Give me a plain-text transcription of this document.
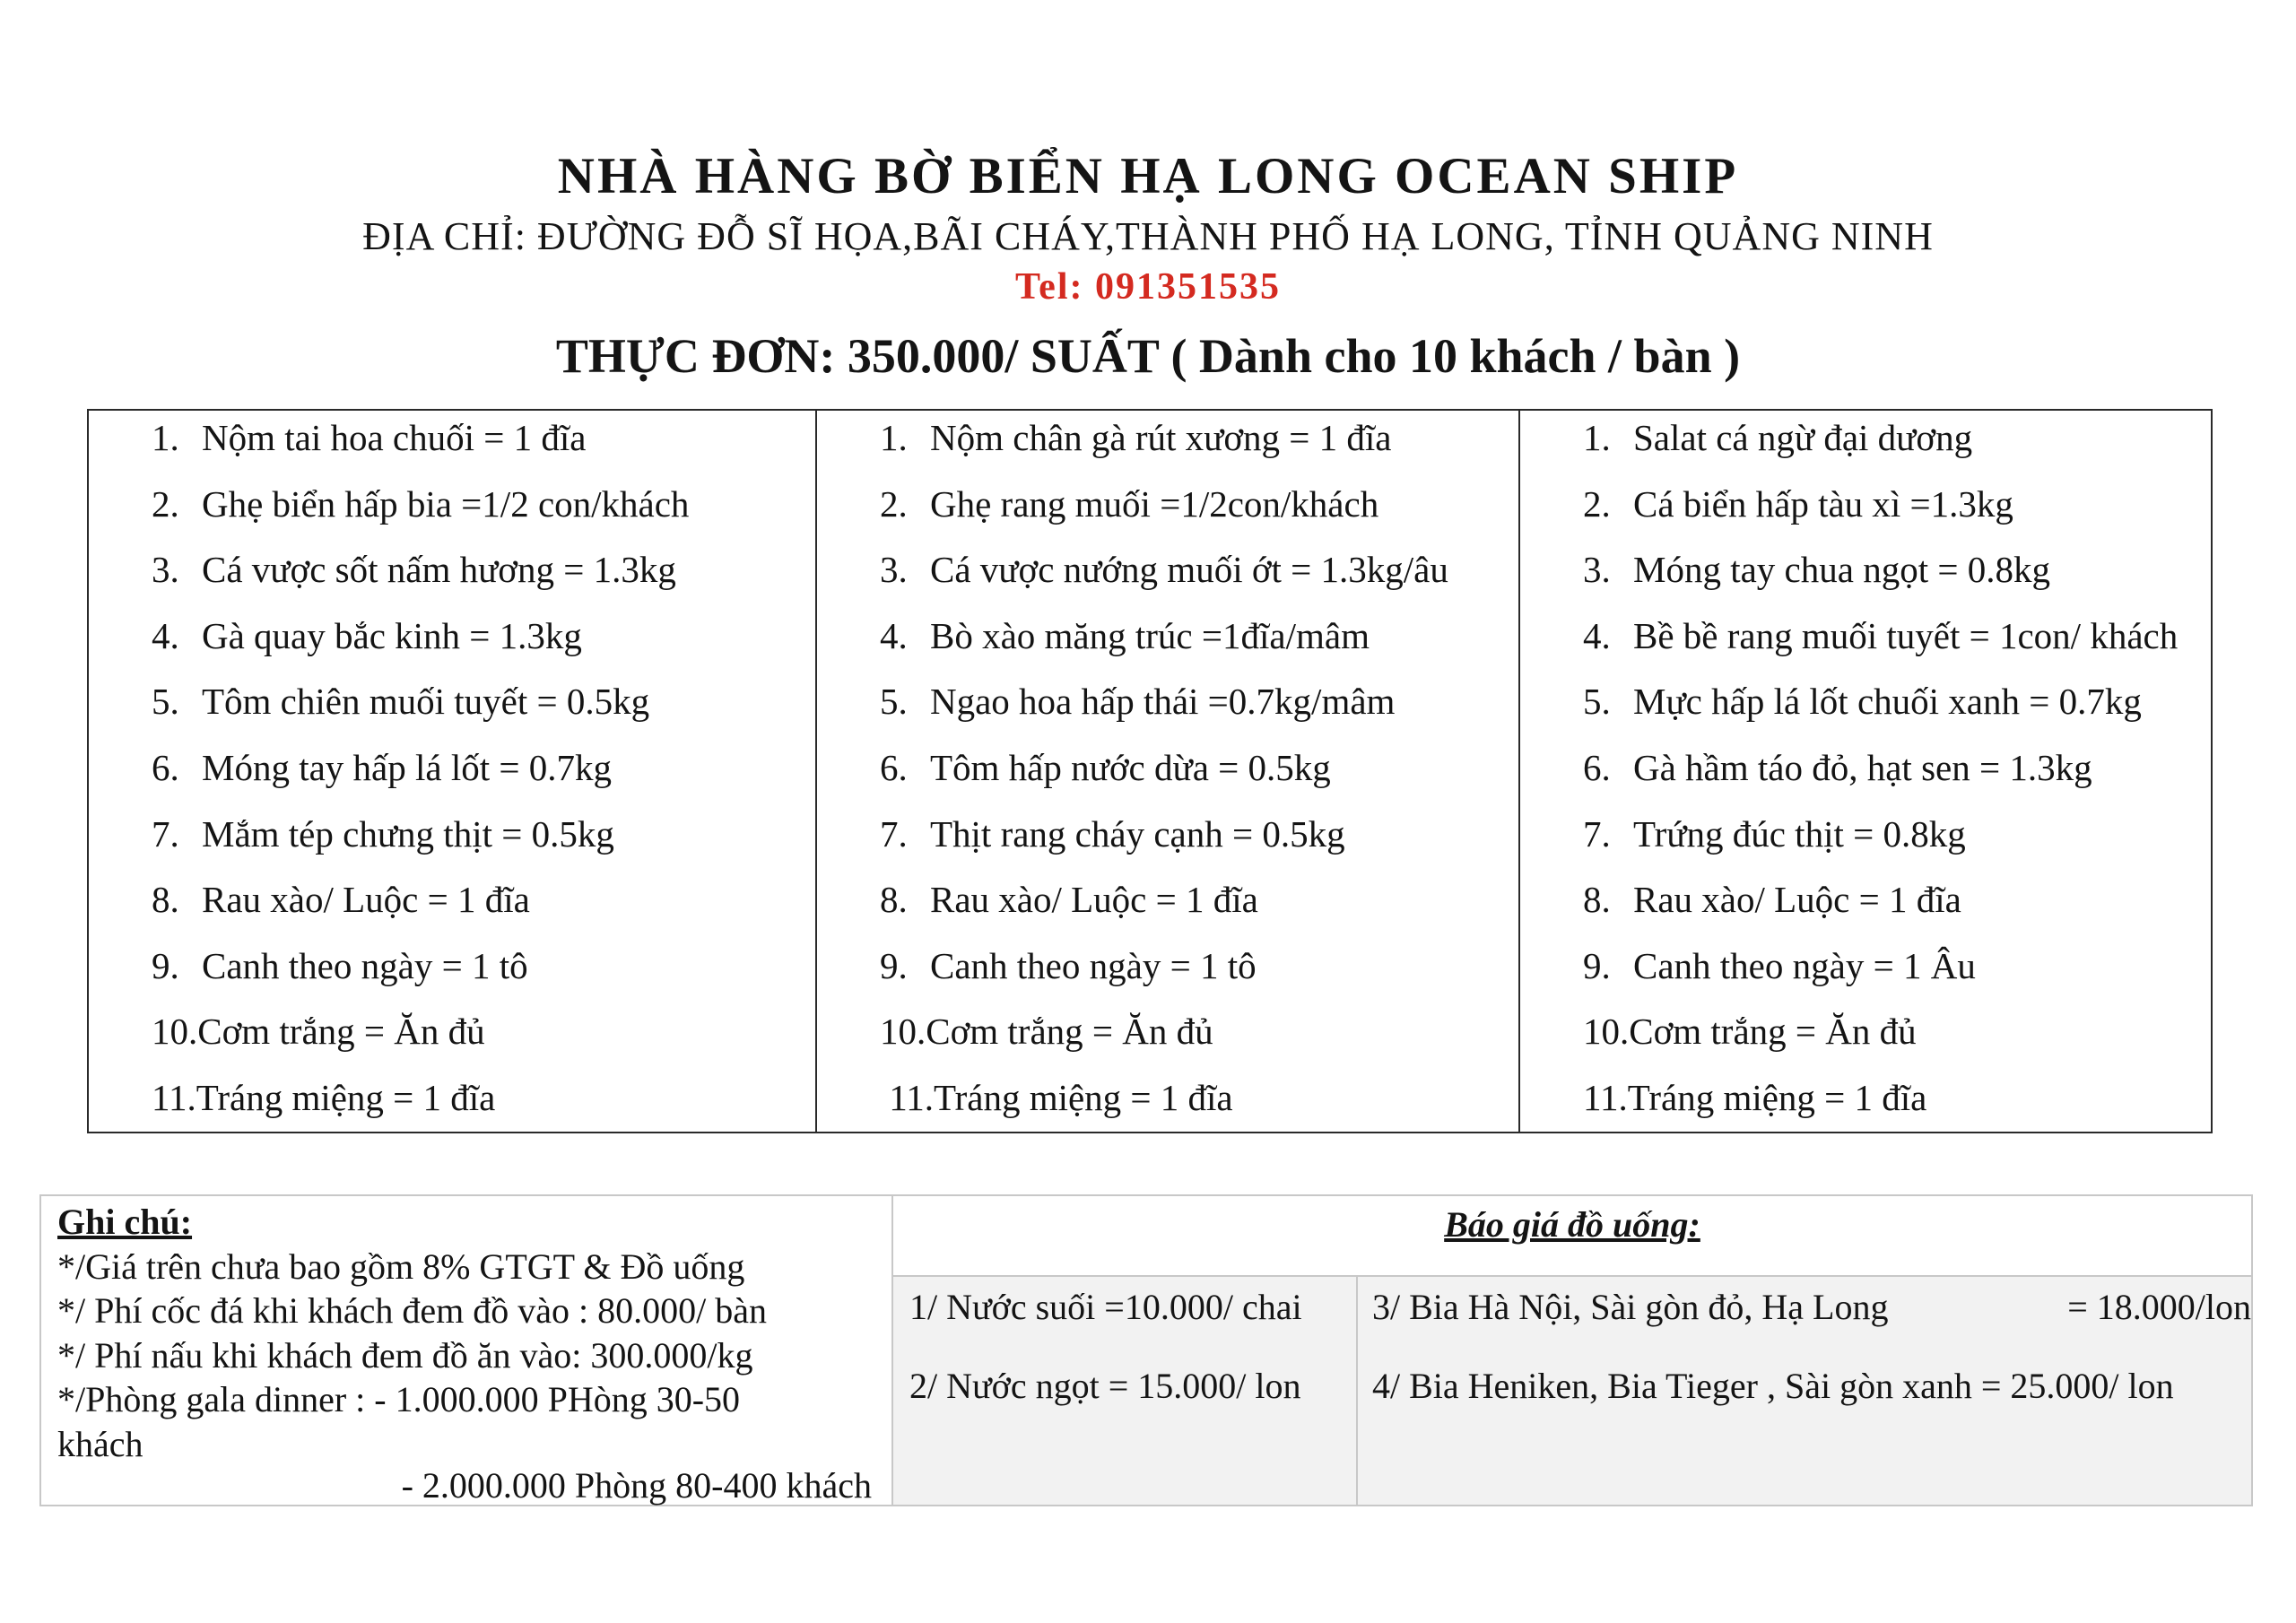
NHÀ HÀNG BỜ BIỂN HẠ LONG OCEAN SHIP
ĐỊA CHỈ: ĐƯỜNG ĐỖ SĨ HỌA,BÃI CHÁY,THÀNH PHỐ HẠ LONG, TỈNH QUẢNG NINH
Tel: 091351535
THỰC ĐƠN: 350.000/ SUẤT ( Dành cho 10 khách / bàn )
1. Nộm tai hoa chuối = 1 đĩa
2. Ghẹ biển hấp bia =1/2 con/khách
3. Cá vược sốt nấm hương = 1.3kg
4. Gà quay bắc kinh = 1.3kg
5. Tôm chiên muối tuyết = 0.5kg
6. Móng tay hấp lá lốt = 0.7kg
7. Mắm tép chưng thịt = 0.5kg
8. Rau xào/ Luộc = 1 đĩa
9. Canh theo ngày = 1 tô
10. Cơm trắng = Ăn đủ
11. Tráng miệng = 1 đĩa
1. Nộm chân gà rút xương = 1 đĩa
2. Ghẹ rang muối =1/2con/khách
3. Cá vược nướng muối ớt = 1.3kg/âu
4. Bò xào măng trúc =1đĩa/mâm
5. Ngao hoa hấp thái =0.7kg/mâm
6. Tôm hấp nước dừa = 0.5kg
7. Thịt rang cháy cạnh = 0.5kg
8. Rau xào/ Luộc = 1 đĩa
9. Canh theo ngày = 1 tô
10. Cơm trắng = Ăn đủ
11. Tráng miệng = 1 đĩa
1. Salat cá ngừ đại dương
2. Cá biển hấp tàu xì =1.3kg
3. Móng tay chua ngọt = 0.8kg
4. Bề bề rang muối tuyết = 1con/ khách
5. Mực hấp lá lốt chuối xanh = 0.7kg
6. Gà hầm táo đỏ, hạt sen = 1.3kg
7. Trứng đúc thịt = 0.8kg
8. Rau xào/ Luộc = 1 đĩa
9. Canh theo ngày = 1 Âu
10. Cơm trắng = Ăn đủ
11. Tráng miệng = 1 đĩa
Ghi chú:
*/Giá trên chưa bao gồm 8% GTGT & Đồ uống
*/ Phí cốc đá khi khách đem đồ vào : 80.000/ bàn
*/ Phí nấu khi khách đem đồ ăn vào: 300.000/kg
*/Phòng gala dinner : - 1.000.000 PHòng 30-50
khách
- 2.000.000 Phòng 80-400 khách
Báo giá đồ uống:
1/ Nước suối =10.000/ chai
2/ Nước ngọt = 15.000/ lon
3/ Bia Hà Nội, Sài gòn đỏ, Hạ Long	= 18.000/lon
4/ Bia Heniken, Bia Tieger , Sài gòn xanh = 25.000/ lon
